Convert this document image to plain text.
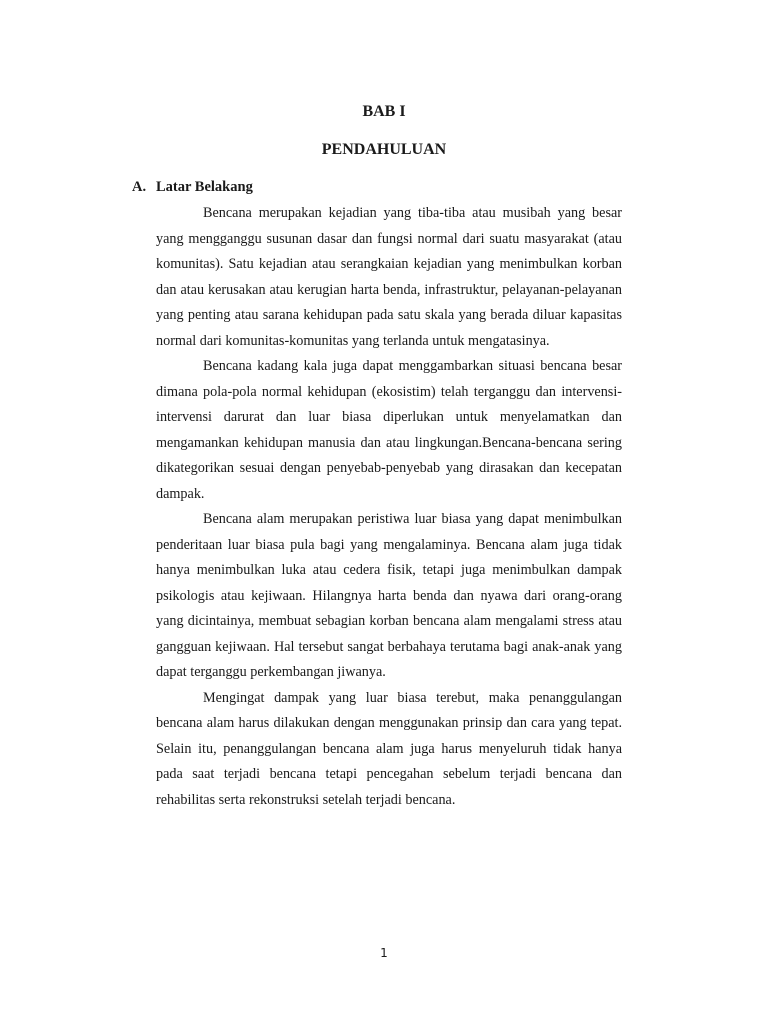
BAB I
PENDAHULUAN
A. Latar Belakang

Bencana merupakan kejadian yang tiba-tiba atau musibah yang besar yang mengganggu susunan dasar dan fungsi normal dari suatu masyarakat (atau komunitas). Satu kejadian atau serangkaian kejadian yang menimbulkan korban dan atau kerusakan atau kerugian harta benda, infrastruktur, pelayanan-pelayanan yang penting atau sarana kehidupan pada satu skala yang berada diluar kapasitas normal dari komunitas-komunitas yang terlanda untuk mengatasinya.

Bencana kadang kala juga dapat menggambarkan situasi bencana besar dimana pola-pola normal kehidupan (ekosistim) telah terganggu dan intervensi-intervensi darurat dan luar biasa diperlukan untuk menyelamatkan dan mengamankan kehidupan manusia dan atau lingkungan.Bencana-bencana sering dikategorikan sesuai dengan penyebab-penyebab yang dirasakan dan kecepatan dampak.

Bencana alam merupakan peristiwa luar biasa yang dapat menimbulkan penderitaan luar biasa pula bagi yang mengalaminya. Bencana alam juga tidak hanya menimbulkan luka atau cedera fisik, tetapi juga menimbulkan dampak psikologis atau kejiwaan. Hilangnya harta benda dan nyawa dari orang-orang yang dicintainya, membuat sebagian korban bencana alam mengalami stress atau gangguan kejiwaan. Hal tersebut sangat berbahaya terutama bagi anak-anak yang dapat terganggu perkembangan jiwanya.

Mengingat dampak yang luar biasa terebut, maka penanggulangan bencana alam harus dilakukan dengan menggunakan prinsip dan cara yang tepat. Selain itu, penanggulangan bencana alam juga harus menyeluruh tidak hanya pada saat terjadi bencana tetapi pencegahan sebelum terjadi bencana dan rehabilitas serta rekonstruksi setelah terjadi bencana.

1
